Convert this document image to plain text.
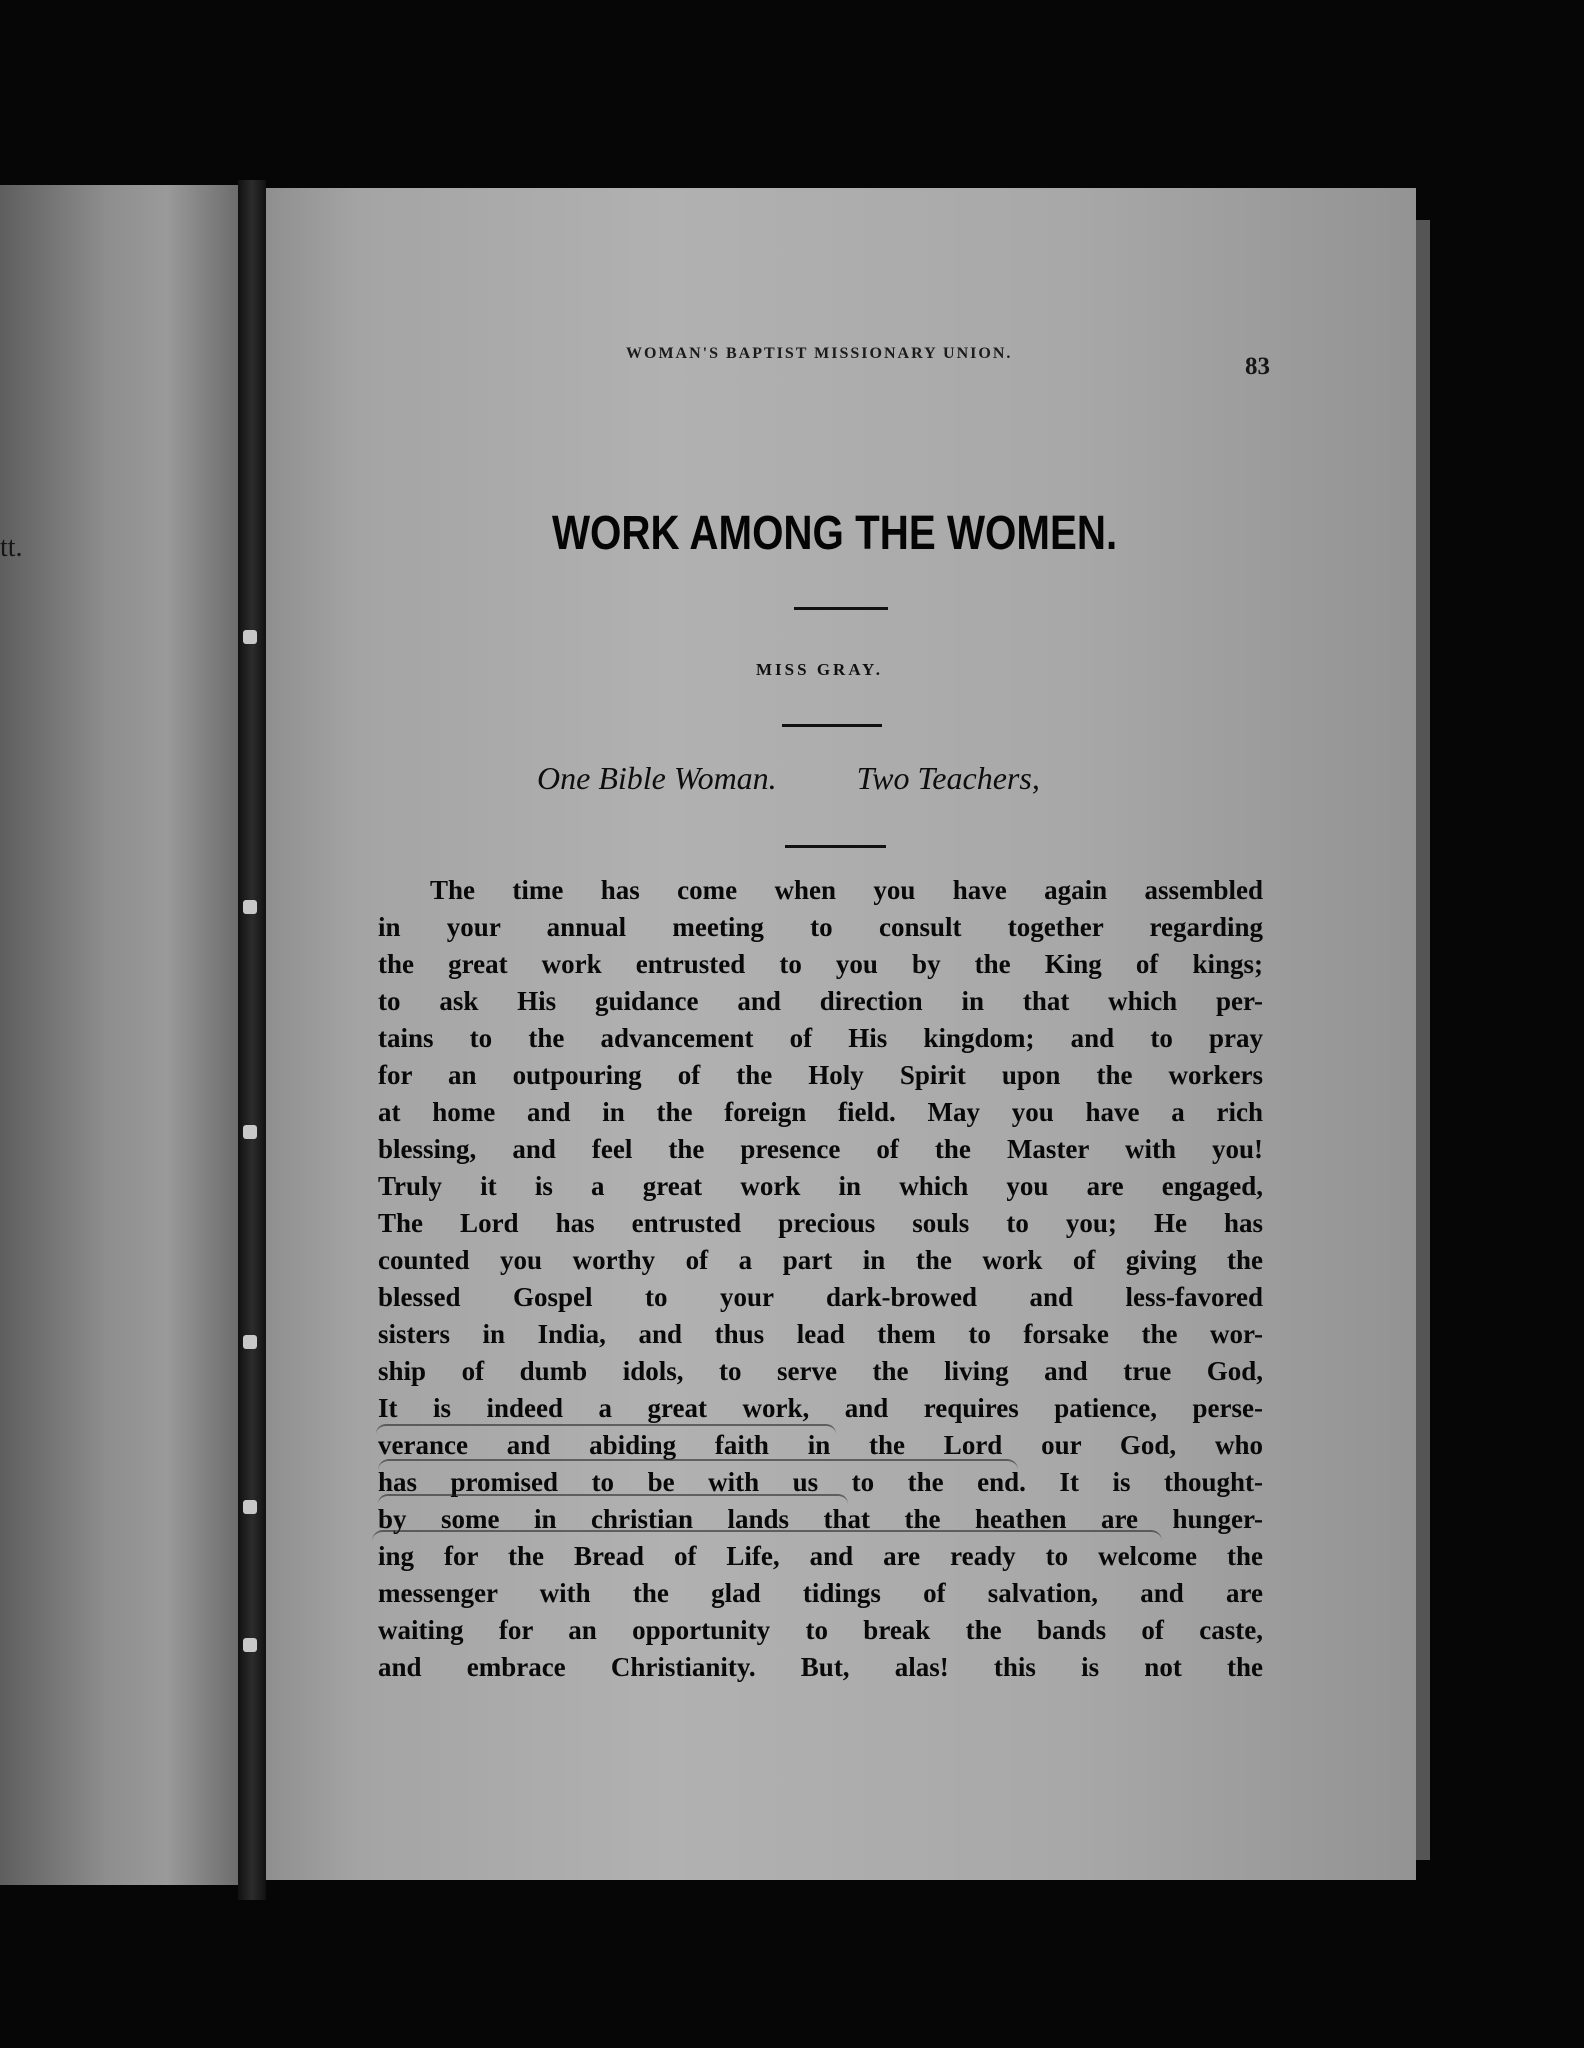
tt.
WOMAN'S BAPTIST MISSIONARY UNION.	83
WORK AMONG THE WOMEN.
MISS GRAY.
One Bible Woman.	Two Teachers,
The time has come when you have again assembled
in your annual meeting to consult together regarding
the great work entrusted to you by the King of kings;
to ask His guidance and direction in that which per-
tains to the advancement of His kingdom; and to pray
for an outpouring of the Holy Spirit upon the workers
at home and in the foreign field. May you have a rich
blessing, and feel the presence of the Master with you!
Truly it is a great work in which you are engaged,
The Lord has entrusted precious souls to you; He has
counted you worthy of a part in the work of giving the
blessed Gospel to your dark-browed and less-favored
sisters in India, and thus lead them to forsake the wor-
ship of dumb idols, to serve the living and true God,
It is indeed a great work, and requires patience, perse-
verance and abiding faith in the Lord our God, who
has promised to be with us to the end. It is thought-
by some in christian lands that the heathen are hunger-
ing for the Bread of Life, and are ready to welcome the
messenger with the glad tidings of salvation, and are
waiting for an opportunity to break the bands of caste,
and embrace Christianity. But, alas! this is not the
